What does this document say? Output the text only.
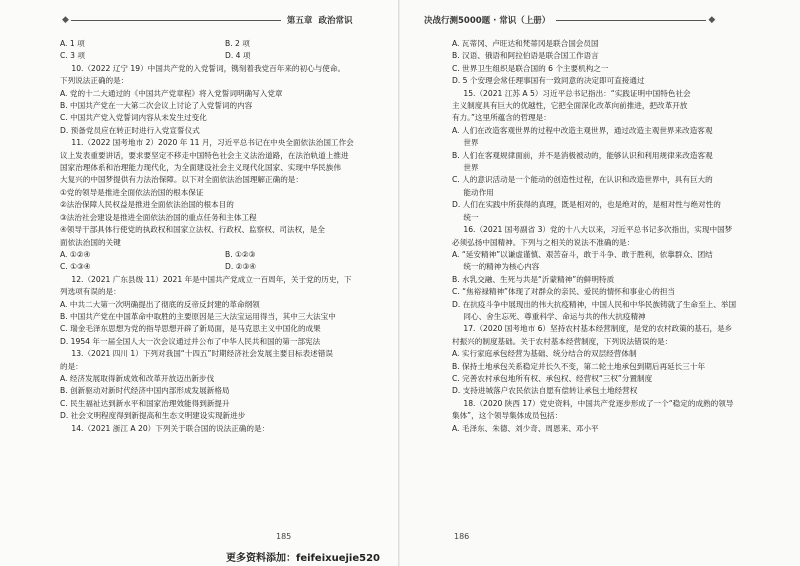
◆	第五章 政治常识
A. 1 项	B. 2 项
C. 3 项	D. 4 项

10.（2022 辽宁 19）中国共产党的入党誓词，镌刻着我党百年来的初心与使命。

下列说法正确的是：

A. 党的十二大通过的《中国共产党章程》将入党誓词明确写入党章

B. 中国共产党在一大第二次会议上讨论了入党誓词的内容

C. 中国共产党入党誓词内容从未发生过变化

D. 预备党员应在转正时进行入党宣誓仪式

11.（2022 国考地市 2）2020 年 11 月，习近平总书记在中央全面依法治国工作会

议上发表重要讲话，要求要坚定不移走中国特色社会主义法治道路，在法治轨道上推进

国家治理体系和治理能力现代化，为全面建设社会主义现代化国家、实现中华民族伟

大复兴的中国梦提供有力法治保障。以下对全面依法治国理解正确的是：

①党的领导是推进全面依法治国的根本保证

②法治保障人民权益是推进全面依法治国的根本目的

③法治社会建设是推进全面依法治国的重点任务和主体工程

④领导干部具体行使党的执政权和国家立法权、行政权、监察权、司法权，是全

面依法治国的关键

A. ①②④	B. ①②③
C. ①③④	D. ②③④

12.（2021 广东县级 11）2021 年是中国共产党成立一百周年，关于党的历史，下

列选项有误的是：

A. 中共二大第一次明确提出了彻底的反帝反封建的革命纲领

B. 中国共产党在中国革命中取胜的主要原因是三大法宝运用得当，其中三大法宝中

C. 瑞金毛泽东思想为党的指导思想开辟了新局面，是马克思主义中国化的成果

D. 1954 年一届全国人大一次会议通过并公布了中华人民共和国的第一部宪法

13.（2021 四川 1）下列对我国“十四五”时期经济社会发展主要目标表述错误

的是：

A. 经济发展取得新成效和改革开放迈出新步伐

B. 创新驱动对新时代经济中国内部形成发展新格局

C. 民生福祉达到新水平和国家治理效能得到新提升

D. 社会文明程度得到新提高和生态文明建设实现新进步

14.（2021 浙江 A 20）下列关于联合国的说法正确的是：

185
决战行测5000题 · 常识（上册）	◆

A. 瓦蒂冈、卢旺达和梵蒂冈是联合国会员国

B. 汉语、俄语和阿拉伯语是联合国工作语言

C. 世界卫生组织是联合国的 6 个主要机构之一

D. 5 个安理会常任理事国有一致同意的决定即可直接通过

15.（2021 江苏 A 5）习近平总书记指出：“实践证明中国特色社会

主义制度具有巨大的优越性，它把全面深化改革向前推进，把改革开放

有力。”这里所蕴含的哲理是：

A. 人们在改造客观世界的过程中改造主观世界，通过改造主观世界来改造客观

世界

B. 人们在客观规律面前，并不是消极被动的，能够认识和利用规律来改造客观

世界

C. 人的意识活动是一个能动的创造性过程，在认识和改造世界中，具有巨大的

能动作用

D. 人们在实践中所获得的真理，既是相对的，也是绝对的，是相对性与绝对性的

统一

16.（2021 国考副省 3）党的十八大以来，习近平总书记多次指出，实现中国梦

必须弘扬中国精神。下列与之相关的说法不准确的是：

A. “延安精神”以谦虚谨慎、艰苦奋斗，敢于斗争、敢于胜利，依靠群众、团结

统一的精神为核心内容

B. 水乳交融、生死与共是“沂蒙精神”的鲜明特质

C. “焦裕禄精神”体现了对群众的亲民、爱民的情怀和事业心的担当

D. 在抗疫斗争中展现出的伟大抗疫精神，中国人民和中华民族铸就了生命至上、举国

同心、舍生忘死、尊重科学、命运与共的伟大抗疫精神

17.（2020 国考地市 6）坚持农村基本经营制度，是党的农村政策的基石，是乡

村振兴的制度基础。关于农村基本经营制度，下列说法错误的是：

A. 实行家庭承包经营为基础、统分结合的双层经营体制

B. 保持土地承包关系稳定并长久不变，第二轮土地承包到期后再延长三十年

C. 完善农村承包地所有权、承包权、经营权“三权”分置制度

D. 支持进城落户农民依法自愿有偿转让承包土地经营权

18.（2020 陕西 17）党史资料，中国共产党逐步形成了一个“稳定的成熟的领导

集体”，这个领导集体成员包括：

A. 毛泽东、朱德、刘少奇、周恩来、邓小平

186
更多资料添加：feifeixuejie520
